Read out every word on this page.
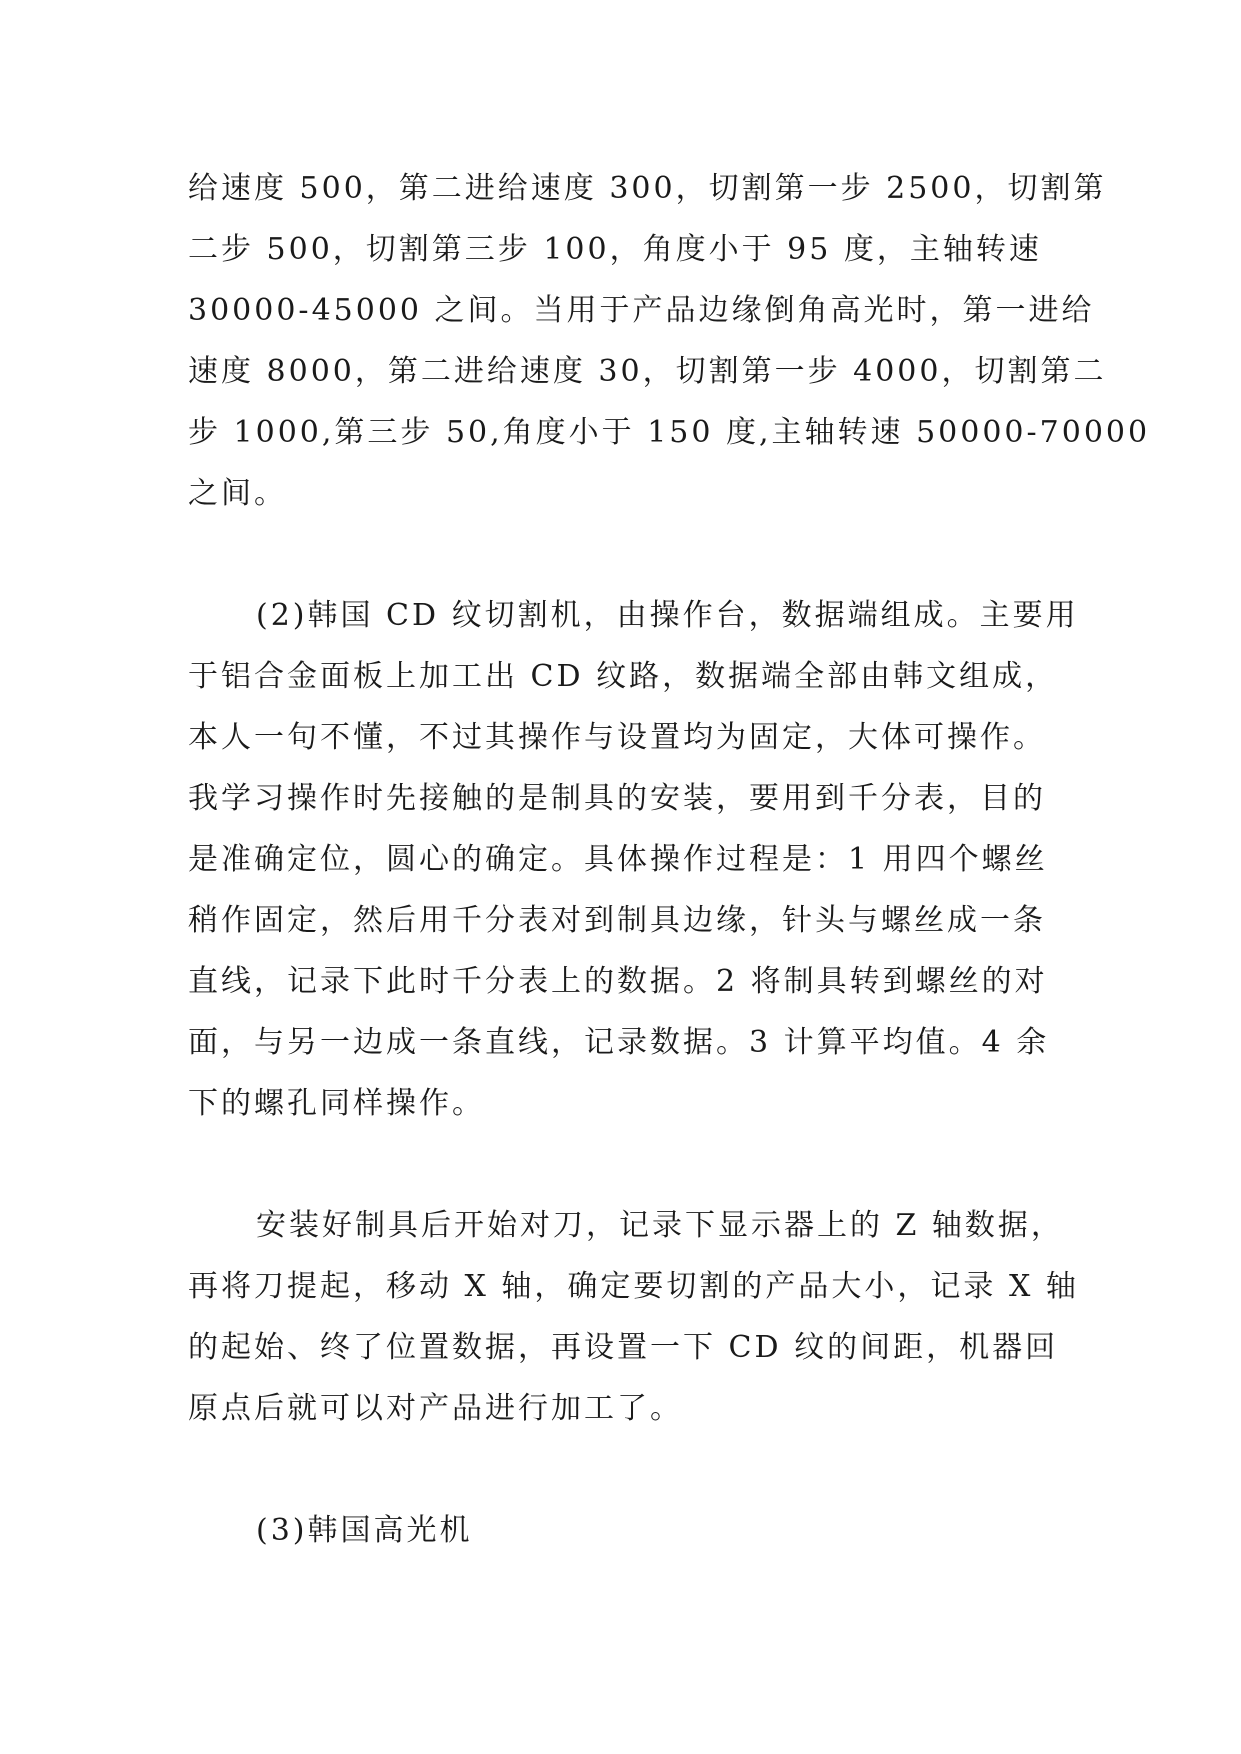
给速度 500，第二进给速度 300，切割第一步 2500，切割第
二步 500，切割第三步 100，角度小于 95 度，主轴转速
30000-45000 之间。当用于产品边缘倒角高光时，第一进给
速度 8000，第二进给速度 30，切割第一步 4000，切割第二
步 1000,第三步 50,角度小于 150 度,主轴转速 50000-70000
之间。
(2)韩国 CD 纹切割机，由操作台，数据端组成。主要用
于铝合金面板上加工出 CD 纹路，数据端全部由韩文组成，
本人一句不懂，不过其操作与设置均为固定，大体可操作。
我学习操作时先接触的是制具的安装，要用到千分表，目的
是准确定位，圆心的确定。具体操作过程是：1 用四个螺丝
稍作固定，然后用千分表对到制具边缘，针头与螺丝成一条
直线，记录下此时千分表上的数据。2 将制具转到螺丝的对
面，与另一边成一条直线，记录数据。3 计算平均值。4 余
下的螺孔同样操作。
安装好制具后开始对刀，记录下显示器上的 Z 轴数据，
再将刀提起，移动 X 轴，确定要切割的产品大小，记录 X 轴
的起始、终了位置数据，再设置一下 CD 纹的间距，机器回
原点后就可以对产品进行加工了。
(3)韩国高光机
